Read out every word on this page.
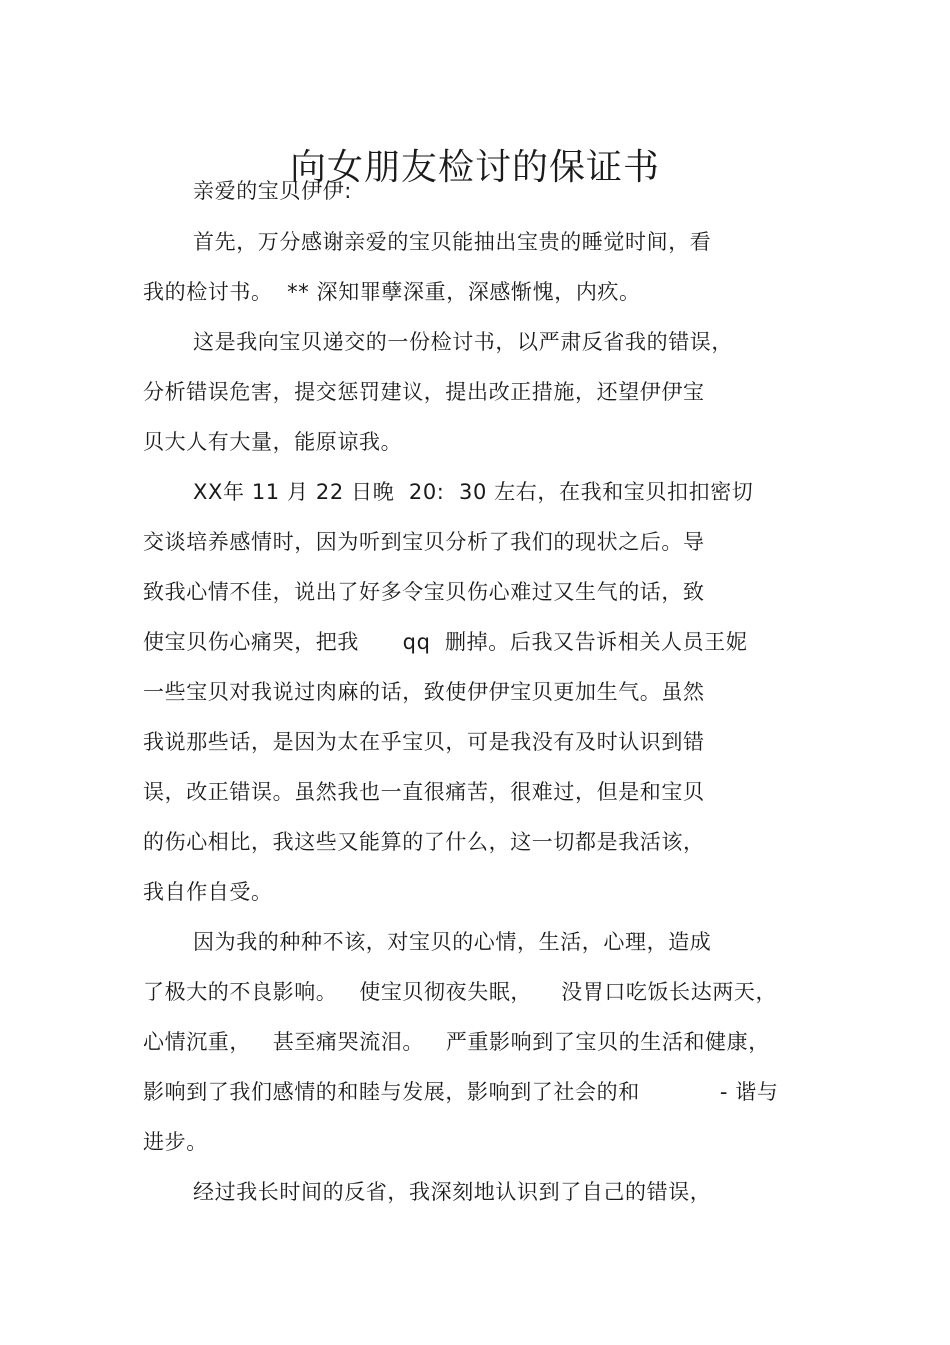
向女朋友检讨的保证书
亲爱的宝贝伊伊:
首先，万分感谢亲爱的宝贝能抽出宝贵的睡觉时间，看
我的检讨书。  ** 深知罪孽深重，深感惭愧，内疚。
这是我向宝贝递交的一份检讨书，以严肃反省我的错误，
分析错误危害，提交惩罚建议，提出改正措施，还望伊伊宝
贝大人有大量，能原谅我。
XX年 11 月 22 日晚  20:  30 左右，在我和宝贝扣扣密切
交谈培养感情时，因为听到宝贝分析了我们的现状之后。导
致我心情不佳，说出了好多令宝贝伤心难过又生气的话，致
使宝贝伤心痛哭，把我      qq  删掉。后我又告诉相关人员王妮
一些宝贝对我说过肉麻的话，致使伊伊宝贝更加生气。虽然
我说那些话，是因为太在乎宝贝，可是我没有及时认识到错
误，改正错误。虽然我也一直很痛苦，很难过，但是和宝贝
的伤心相比，我这些又能算的了什么，这一切都是我活该，
我自作自受。
因为我的种种不该，对宝贝的心情，生活，心理，造成
了极大的不良影响。   使宝贝彻夜失眠，    没胃口吃饭长达两天，
心情沉重，   甚至痛哭流泪。   严重影响到了宝贝的生活和健康，
影响到了我们感情的和睦与发展，影响到了社会的和           - 谐与
进步。
经过我长时间的反省，我深刻地认识到了自己的错误，
